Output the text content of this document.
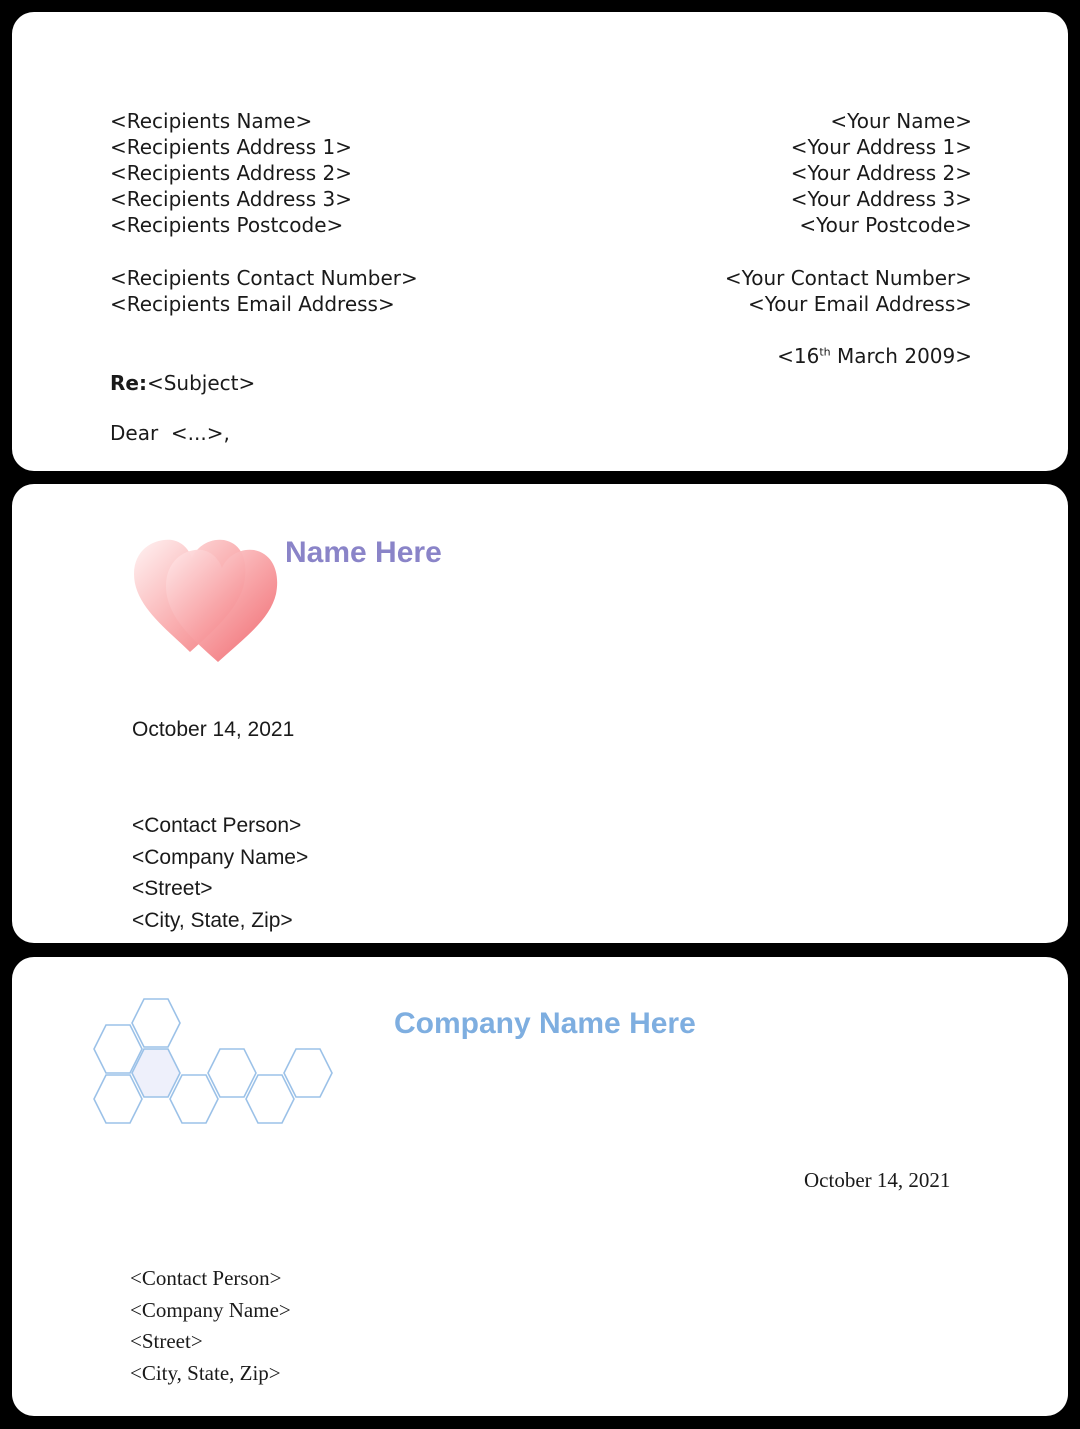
<Recipients Name>
<Recipients Address 1>
<Recipients Address 2>
<Recipients Address 3>
<Recipients Postcode>
<Recipients Contact Number>
<Recipients Email Address>
<Your Name>
<Your Address 1>
<Your Address 2>
<Your Address 3>
<Your Postcode>
<Your Contact Number>
<Your Email Address>
<16th March 2009>
Re:<Subject>
Dear  <...>,
Name Here
October 14, 2021
<Contact Person>
<Company Name>
<Street>
<City, State, Zip>
Company Name Here
October 14, 2021
<Contact Person>
<Company Name>
<Street>
<City, State, Zip>
